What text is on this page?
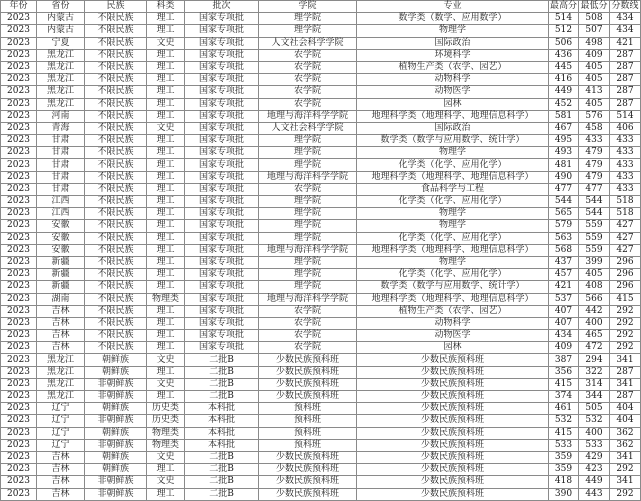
年份	省份	民族	科类	批次	学院	专业	最高分	最低分	分数线
2023	内蒙古	不限民族	理工	国家专项批	理学院	数学类（数学、应用数学）	514	508	434
2023	内蒙古	不限民族	理工	国家专项批	理学院	物理学	512	507	434
2023	宁夏	不限民族	文史	国家专项批	人文社会科学学院	国际政治	506	498	421
2023	黑龙江	不限民族	理工	国家专项批	农学院	环境科学	436	409	287
2023	黑龙江	不限民族	理工	国家专项批	农学院	植物生产类（农学、园艺）	445	405	287
2023	黑龙江	不限民族	理工	国家专项批	农学院	动物科学	416	405	287
2023	黑龙江	不限民族	理工	国家专项批	农学院	动物医学	449	413	287
2023	黑龙江	不限民族	理工	国家专项批	农学院	园林	452	405	287
2023	河南	不限民族	理工	国家专项批	地理与海洋科学学院	地理科学类（地理科学、地理信息科学）	581	576	514
2023	青海	不限民族	文史	国家专项批	人文社会科学学院	国际政治	467	458	406
2023	甘肃	不限民族	理工	国家专项批	理学院	数学类（数学与应用数学、统计学）	495	433	433
2023	甘肃	不限民族	理工	国家专项批	理学院	物理学	493	479	433
2023	甘肃	不限民族	理工	国家专项批	理学院	化学类（化学、应用化学）	481	479	433
2023	甘肃	不限民族	理工	国家专项批	地理与海洋科学学院	地理科学类（地理科学、地理信息科学）	490	479	433
2023	甘肃	不限民族	理工	国家专项批	农学院	食品科学与工程	477	477	433
2023	江西	不限民族	理工	国家专项批	理学院	化学类（化学、应用化学）	544	544	518
2023	江西	不限民族	理工	国家专项批	理学院	物理学	565	544	518
2023	安徽	不限民族	理工	国家专项批	理学院	物理学	579	559	427
2023	安徽	不限民族	理工	国家专项批	理学院	化学类（化学、应用化学）	563	559	427
2023	安徽	不限民族	理工	国家专项批	地理与海洋科学学院	地理科学类（地理科学、地理信息科学）	568	559	427
2023	新疆	不限民族	理工	国家专项批	理学院	物理学	437	399	296
2023	新疆	不限民族	理工	国家专项批	理学院	化学类（化学、应用化学）	457	405	296
2023	新疆	不限民族	理工	国家专项批	理学院	数学类（数学与应用数学、统计学）	421	408	296
2023	湖南	不限民族	物理类	国家专项批	地理与海洋科学学院	地理科学类（地理科学、地理信息科学）	537	566	415
2023	吉林	不限民族	理工	国家专项批	农学院	植物生产类（农学、园艺）	407	442	292
2023	吉林	不限民族	理工	国家专项批	农学院	动物科学	407	400	292
2023	吉林	不限民族	理工	国家专项批	农学院	动物医学	434	465	292
2023	吉林	不限民族	理工	国家专项批	农学院	园林	409	472	292
2023	黑龙江	朝鲜族	文史	二批B	少数民族预科班	少数民族预科班	387	294	341
2023	黑龙江	朝鲜族	理工	二批B	少数民族预科班	少数民族预科班	356	322	287
2023	黑龙江	非朝鲜族	文史	二批B	少数民族预科班	少数民族预科班	415	314	341
2023	黑龙江	非朝鲜族	理工	二批B	少数民族预科班	少数民族预科班	374	344	287
2023	辽宁	朝鲜族	历史类	本科批	预科班	少数民族预科班	461	505	404
2023	辽宁	非朝鲜族	历史类	本科批	预科班	少数民族预科班	532	532	404
2023	辽宁	朝鲜族	物理类	本科批	预科班	少数民族预科班	415	400	362
2023	辽宁	非朝鲜族	物理类	本科批	预科班	少数民族预科班	533	533	362
2023	吉林	朝鲜族	文史	二批B	少数民族预科班	少数民族预科班	359	429	341
2023	吉林	朝鲜族	理工	二批B	少数民族预科班	少数民族预科班	359	423	292
2023	吉林	非朝鲜族	文史	二批B	少数民族预科班	少数民族预科班	418	449	341
2023	吉林	非朝鲜族	理工	二批B	少数民族预科班	少数民族预科班	390	443	292
